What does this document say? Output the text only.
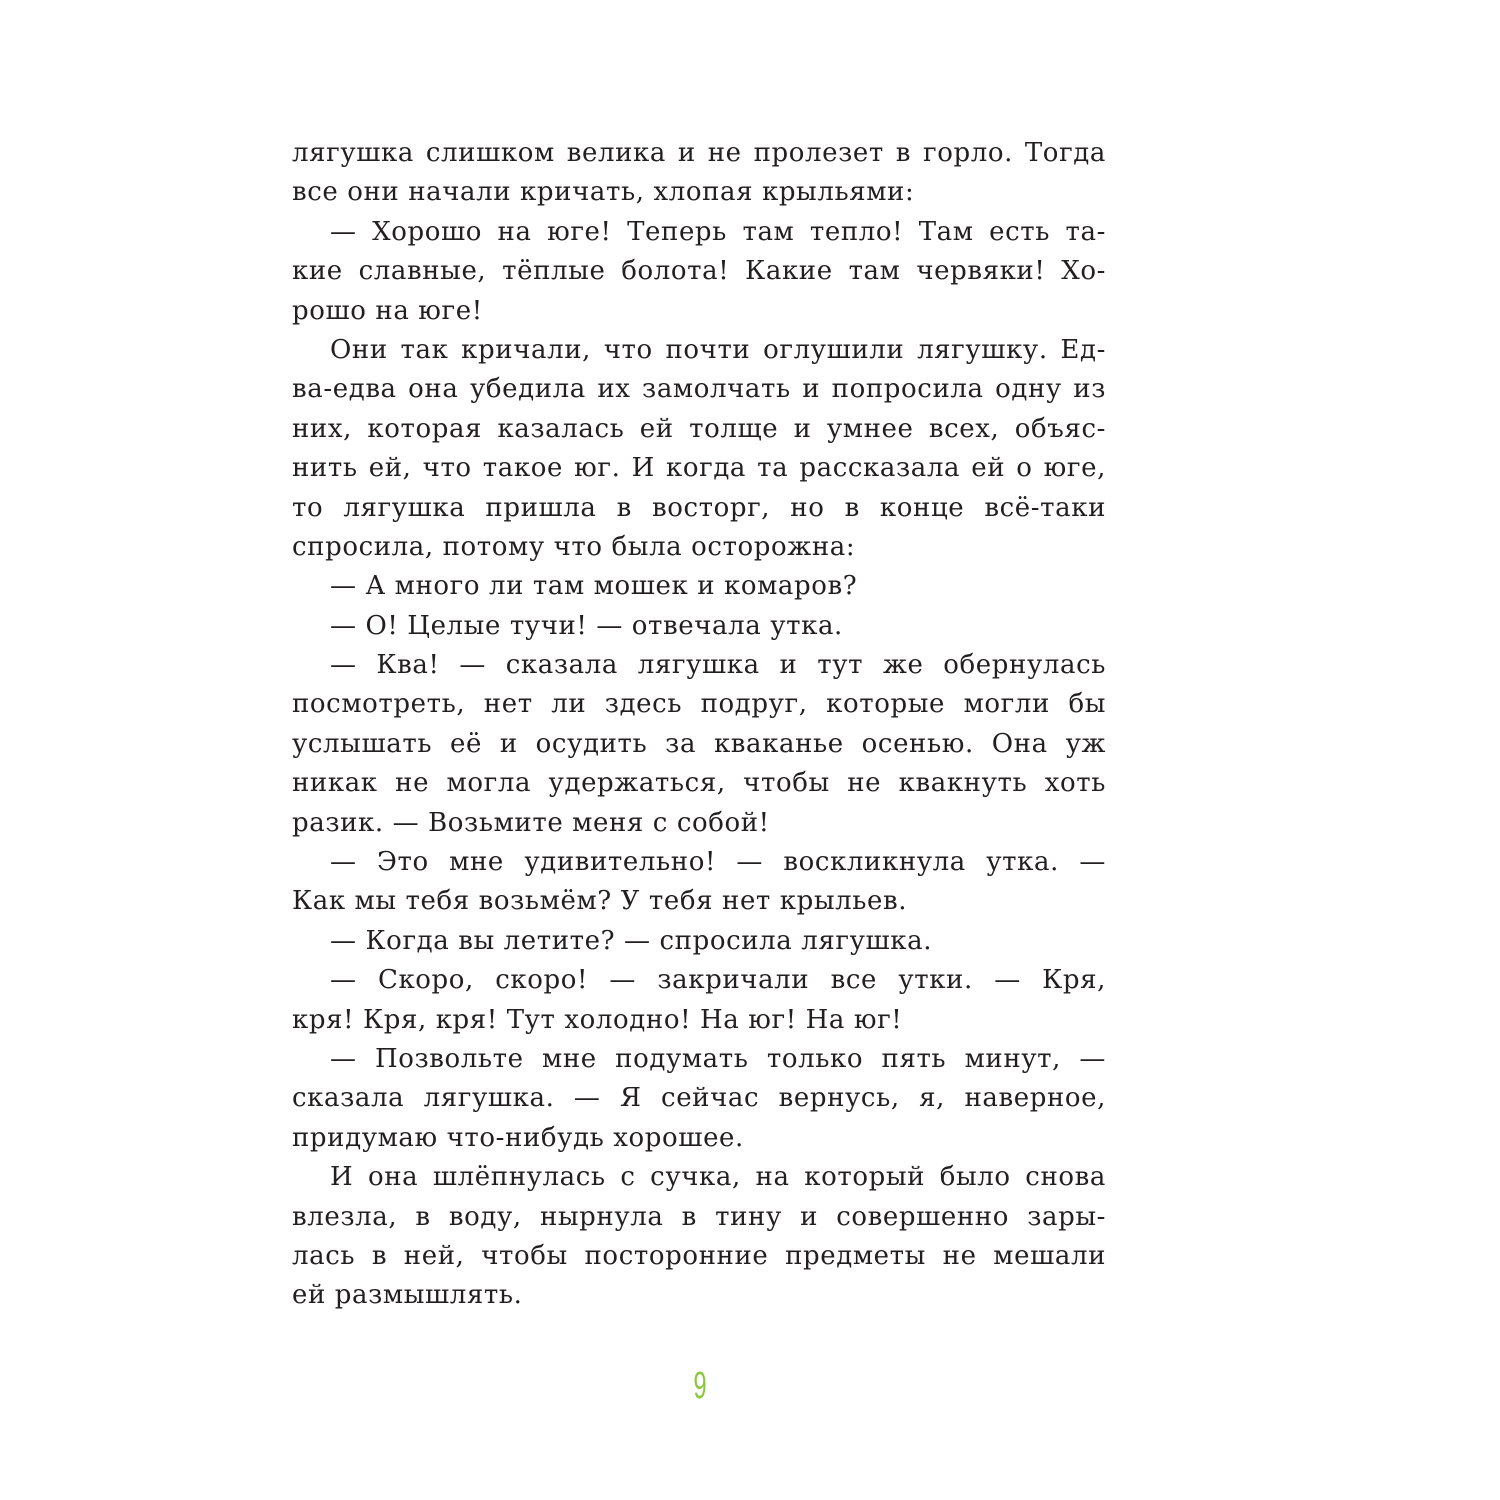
лягушка слишком велика и не пролезет в горло. Тогда
все они начали кричать, хлопая крыльями:
— Хорошо на юге! Теперь там тепло! Там есть та-
кие славные, тёплые болота! Какие там червяки! Хо-
рошо на юге!
Они так кричали, что почти оглушили лягушку. Ед-
ва-едва она убедила их замолчать и попросила одну из
них, которая казалась ей толще и умнее всех, объяс-
нить ей, что такое юг. И когда та рассказала ей о юге,
то лягушка пришла в восторг, но в конце всё-таки
спросила, потому что была осторожна:
— А много ли там мошек и комаров?
— О! Целые тучи! — отвечала утка.
— Ква! — сказала лягушка и тут же обернулась
посмотреть, нет ли здесь подруг, которые могли бы
услышать её и осудить за кваканье осенью. Она уж
никак не могла удержаться, чтобы не квакнуть хоть
разик. — Возьмите меня с собой!
— Это мне удивительно! — воскликнула утка. —
Как мы тебя возьмём? У тебя нет крыльев.
— Когда вы летите? — спросила лягушка.
— Скоро, скоро! — закричали все утки. — Кря,
кря! Кря, кря! Тут холодно! На юг! На юг!
— Позвольте мне подумать только пять минут, —
сказала лягушка. — Я сейчас вернусь, я, наверное,
придумаю что-нибудь хорошее.
И она шлёпнулась с сучка, на который было снова
влезла, в воду, нырнула в тину и совершенно зары-
лась в ней, чтобы посторонние предметы не мешали
ей размышлять.
9
